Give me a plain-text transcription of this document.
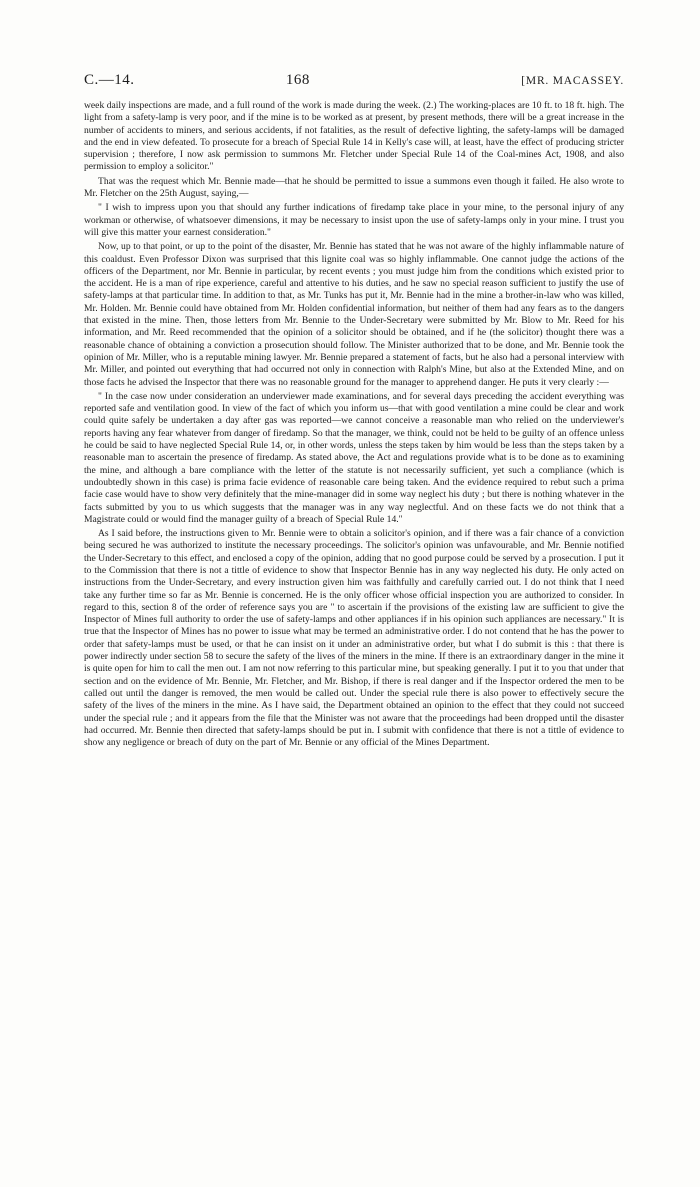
C.—14.	168	[MR. MACASSEY.

week daily inspections are made, and a full round of the work is made during the week. (2.) The working-places are 10 ft. to 18 ft. high. The light from a safety-lamp is very poor, and if the mine is to be worked as at present, by present methods, there will be a great increase in the number of accidents to miners, and serious accidents, if not fatalities, as the result of defective lighting, the safety-lamps will be damaged and the end in view defeated. To prosecute for a breach of Special Rule 14 in Kelly's case will, at least, have the effect of producing stricter supervision ; therefore, I now ask permission to summons Mr. Fletcher under Special Rule 14 of the Coal-mines Act, 1908, and also permission to employ a solicitor."

That was the request which Mr. Bennie made—that he should be permitted to issue a summons even though it failed. He also wrote to Mr. Fletcher on the 25th August, saying,—

" I wish to impress upon you that should any further indications of firedamp take place in your mine, to the personal injury of any workman or otherwise, of whatsoever dimensions, it may be necessary to insist upon the use of safety-lamps only in your mine. I trust you will give this matter your earnest consideration."

Now, up to that point, or up to the point of the disaster, Mr. Bennie has stated that he was not aware of the highly inflammable nature of this coaldust. Even Professor Dixon was surprised that this lignite coal was so highly inflammable. One cannot judge the actions of the officers of the Department, nor Mr. Bennie in particular, by recent events ; you must judge him from the conditions which existed prior to the accident. He is a man of ripe experience, careful and attentive to his duties, and he saw no special reason sufficient to justify the use of safety-lamps at that particular time. In addition to that, as Mr. Tunks has put it, Mr. Bennie had in the mine a brother-in-law who was killed, Mr. Holden. Mr. Bennie could have obtained from Mr. Holden confidential information, but neither of them had any fears as to the dangers that existed in the mine. Then, those letters from Mr. Bennie to the Under-Secretary were submitted by Mr. Blow to Mr. Reed for his information, and Mr. Reed recommended that the opinion of a solicitor should be obtained, and if he (the solicitor) thought there was a reasonable chance of obtaining a conviction a prosecution should follow. The Minister authorized that to be done, and Mr. Bennie took the opinion of Mr. Miller, who is a reputable mining lawyer. Mr. Bennie prepared a statement of facts, but he also had a personal interview with Mr. Miller, and pointed out everything that had occurred not only in connection with Ralph's Mine, but also at the Extended Mine, and on those facts he advised the Inspector that there was no reasonable ground for the manager to apprehend danger. He puts it very clearly :—

" In the case now under consideration an underviewer made examinations, and for several days preceding the accident everything was reported safe and ventilation good. In view of the fact of which you inform us—that with good ventilation a mine could be clear and work could quite safely be undertaken a day after gas was reported—we cannot conceive a reasonable man who relied on the underviewer's reports having any fear whatever from danger of firedamp. So that the manager, we think, could not be held to be guilty of an offence unless he could be said to have neglected Special Rule 14, or, in other words, unless the steps taken by him would be less than the steps taken by a reasonable man to ascertain the presence of firedamp. As stated above, the Act and regulations provide what is to be done as to examining the mine, and although a bare compliance with the letter of the statute is not necessarily sufficient, yet such a compliance (which is undoubtedly shown in this case) is prima facie evidence of reasonable care being taken. And the evidence required to rebut such a prima facie case would have to show very definitely that the mine-manager did in some way neglect his duty ; but there is nothing whatever in the facts submitted by you to us which suggests that the manager was in any way neglectful. And on these facts we do not think that a Magistrate could or would find the manager guilty of a breach of Special Rule 14."

As I said before, the instructions given to Mr. Bennie were to obtain a solicitor's opinion, and if there was a fair chance of a conviction being secured he was authorized to institute the necessary proceedings. The solicitor's opinion was unfavourable, and Mr. Bennie notified the Under-Secretary to this effect, and enclosed a copy of the opinion, adding that no good purpose could be served by a prosecution. I put it to the Commission that there is not a tittle of evidence to show that Inspector Bennie has in any way neglected his duty. He only acted on instructions from the Under-Secretary, and every instruction given him was faithfully and carefully carried out. I do not think that I need take any further time so far as Mr. Bennie is concerned. He is the only officer whose official inspection you are authorized to consider. In regard to this, section 8 of the order of reference says you are " to ascertain if the provisions of the existing law are sufficient to give the Inspector of Mines full authority to order the use of safety-lamps and other appliances if in his opinion such appliances are necessary." It is true that the Inspector of Mines has no power to issue what may be termed an administrative order. I do not contend that he has the power to order that safety-lamps must be used, or that he can insist on it under an administrative order, but what I do submit is this : that there is power indirectly under section 58 to secure the safety of the lives of the miners in the mine. If there is an extraordinary danger in the mine it is quite open for him to call the men out. I am not now referring to this particular mine, but speaking generally. I put it to you that under that section and on the evidence of Mr. Bennie, Mr. Fletcher, and Mr. Bishop, if there is real danger and if the Inspector ordered the men to be called out until the danger is removed, the men would be called out. Under the special rule there is also power to effectively secure the safety of the lives of the miners in the mine. As I have said, the Department obtained an opinion to the effect that they could not succeed under the special rule ; and it appears from the file that the Minister was not aware that the proceedings had been dropped until the disaster had occurred. Mr. Bennie then directed that safety-lamps should be put in. I submit with confidence that there is not a tittle of evidence to show any negligence or breach of duty on the part of Mr. Bennie or any official of the Mines Department.
